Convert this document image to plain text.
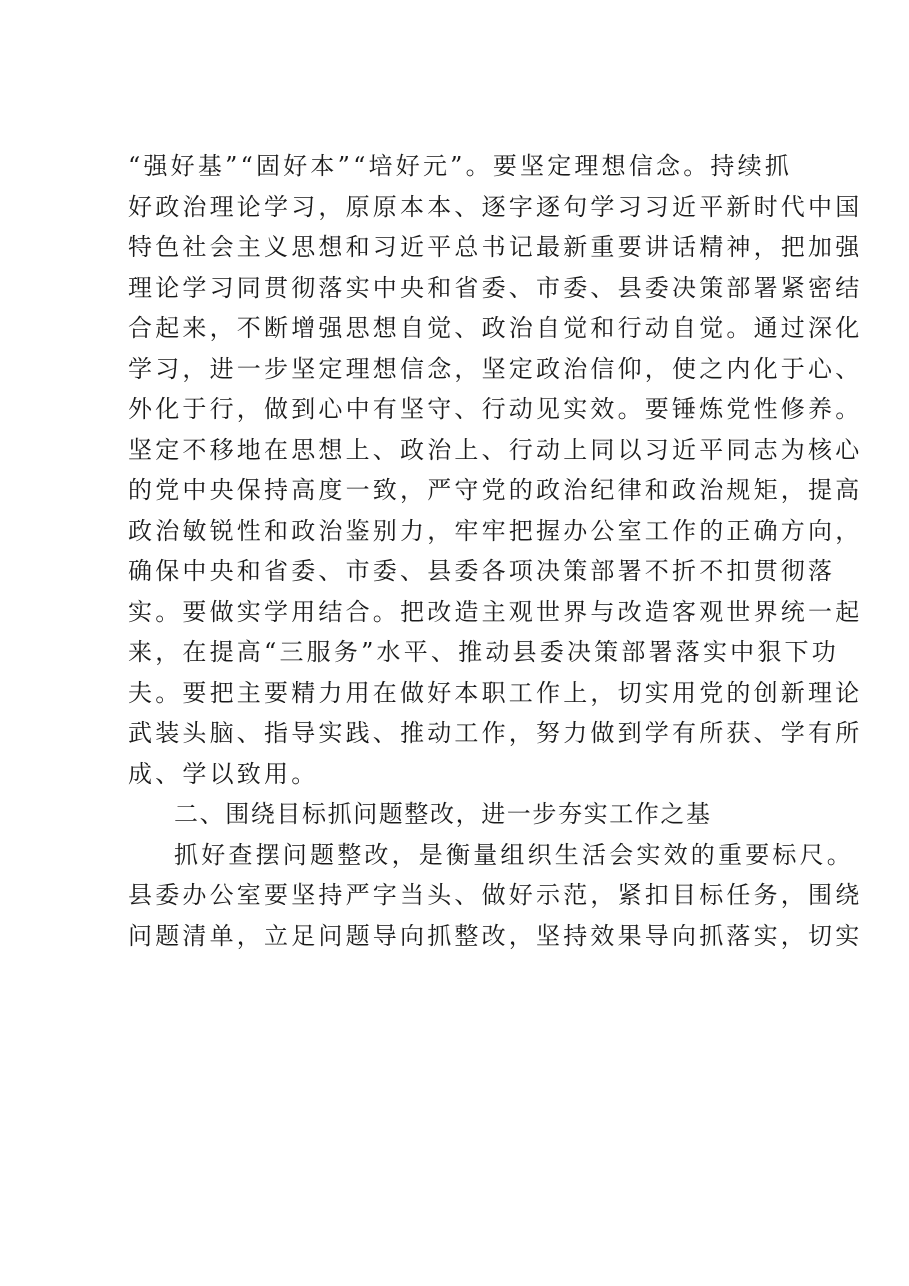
“强好基”“固好本”“培好元”。要坚定理想信念。持续抓
好政治理论学习，原原本本、逐字逐句学习习近平新时代中国
特色社会主义思想和习近平总书记最新重要讲话精神，把加强
理论学习同贯彻落实中央和省委、市委、县委决策部署紧密结
合起来，不断增强思想自觉、政治自觉和行动自觉。通过深化
学习，进一步坚定理想信念，坚定政治信仰，使之内化于心、
外化于行，做到心中有坚守、行动见实效。要锤炼党性修养。
坚定不移地在思想上、政治上、行动上同以习近平同志为核心
的党中央保持高度一致，严守党的政治纪律和政治规矩，提高
政治敏锐性和政治鉴别力，牢牢把握办公室工作的正确方向，
确保中央和省委、市委、县委各项决策部署不折不扣贯彻落
实。要做实学用结合。把改造主观世界与改造客观世界统一起
来，在提高“三服务”水平、推动县委决策部署落实中狠下功
夫。要把主要精力用在做好本职工作上，切实用党的创新理论
武装头脑、指导实践、推动工作，努力做到学有所获、学有所
成、学以致用。
二、围绕目标抓问题整改，进一步夯实工作之基
抓好查摆问题整改，是衡量组织生活会实效的重要标尺。
县委办公室要坚持严字当头、做好示范，紧扣目标任务，围绕
问题清单，立足问题导向抓整改，坚持效果导向抓落实，切实
